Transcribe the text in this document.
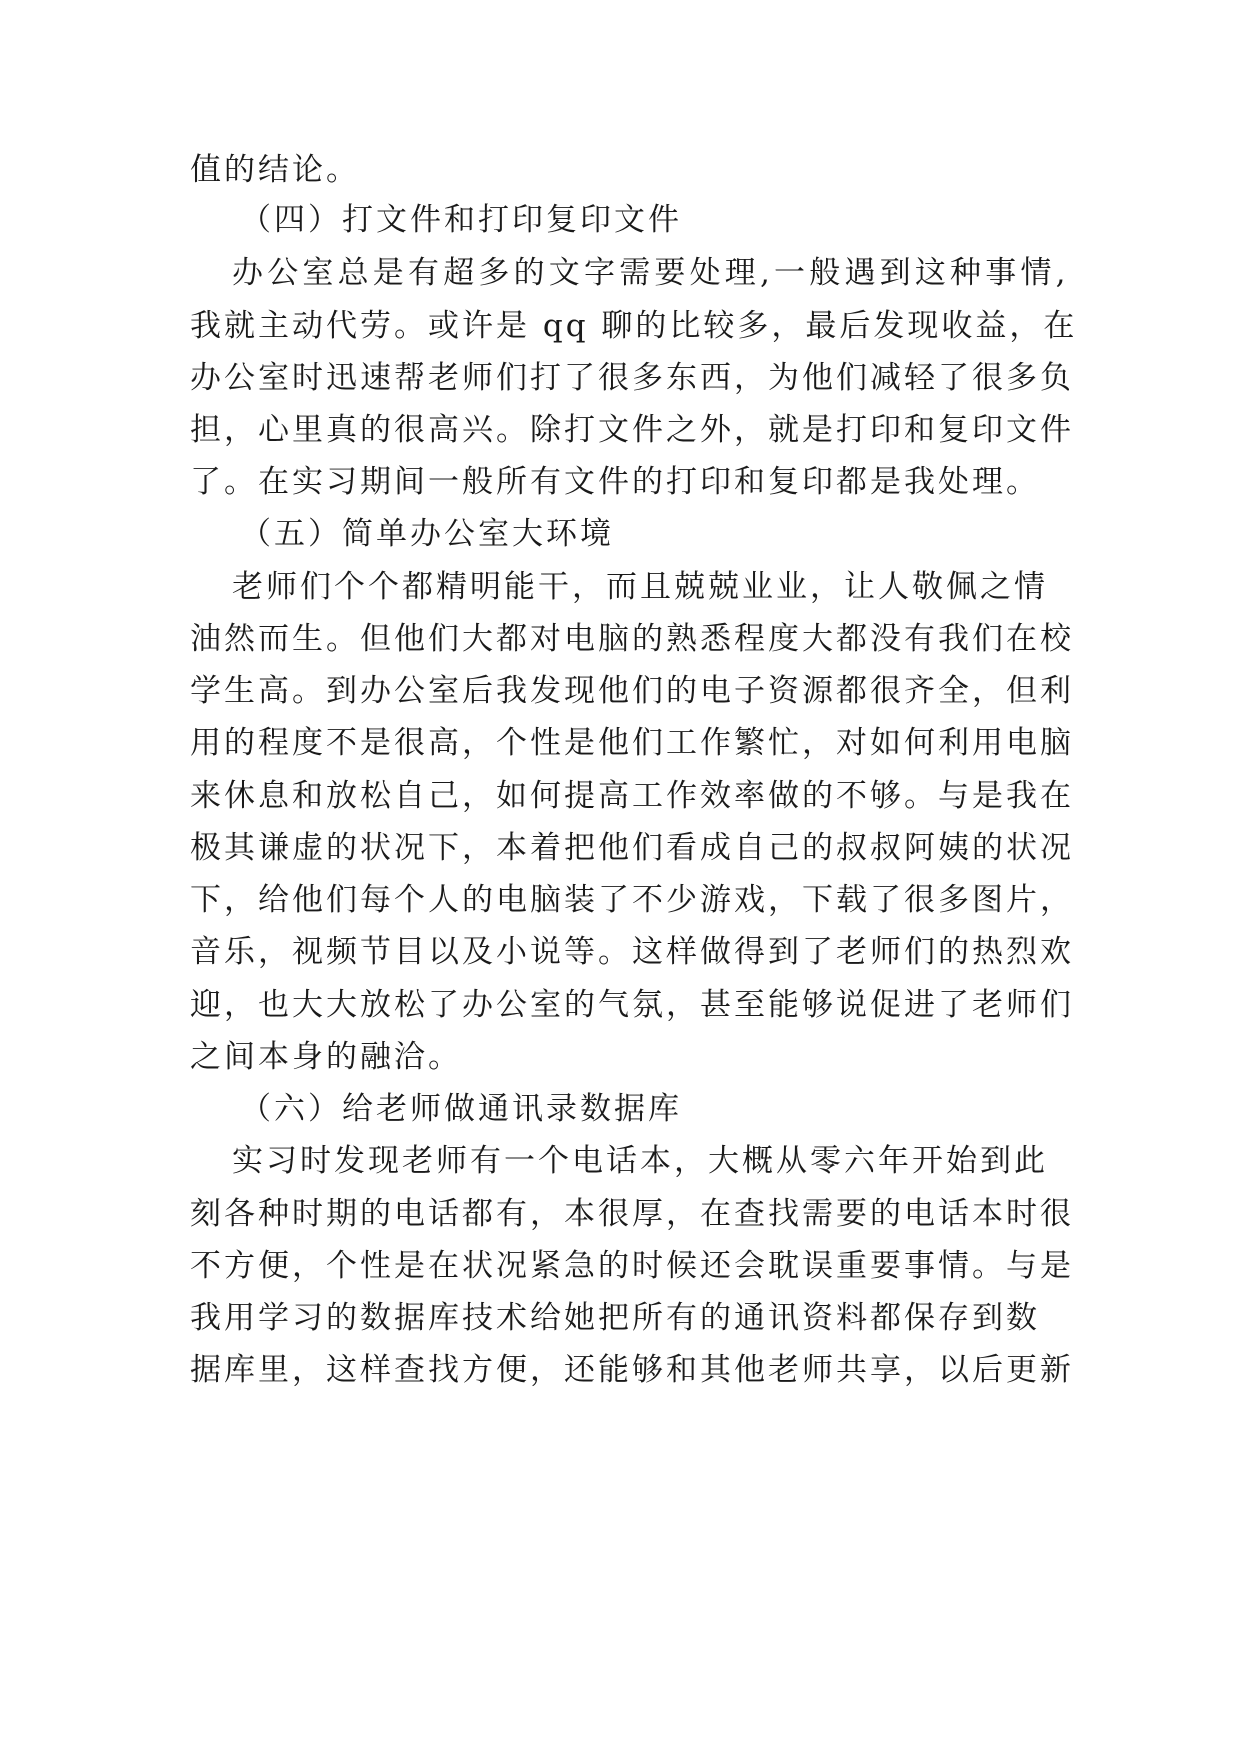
值的结论。
（四）打文件和打印复印文件
办公室总是有超多的文字需要处理,一般遇到这种事情,
我就主动代劳。或许是 qq 聊的比较多，最后发现收益，在
办公室时迅速帮老师们打了很多东西，为他们减轻了很多负
担，心里真的很高兴。除打文件之外，就是打印和复印文件
了。在实习期间一般所有文件的打印和复印都是我处理。
（五）简单办公室大环境
老师们个个都精明能干，而且兢兢业业，让人敬佩之情
油然而生。但他们大都对电脑的熟悉程度大都没有我们在校
学生高。到办公室后我发现他们的电子资源都很齐全，但利
用的程度不是很高，个性是他们工作繁忙，对如何利用电脑
来休息和放松自己，如何提高工作效率做的不够。与是我在
极其谦虚的状况下，本着把他们看成自己的叔叔阿姨的状况
下，给他们每个人的电脑装了不少游戏，下载了很多图片，
音乐，视频节目以及小说等。这样做得到了老师们的热烈欢
迎，也大大放松了办公室的气氛，甚至能够说促进了老师们
之间本身的融洽。
（六）给老师做通讯录数据库
实习时发现老师有一个电话本，大概从零六年开始到此
刻各种时期的电话都有，本很厚，在查找需要的电话本时很
不方便，个性是在状况紧急的时候还会耽误重要事情。与是
我用学习的数据库技术给她把所有的通讯资料都保存到数
据库里，这样查找方便，还能够和其他老师共享，以后更新
